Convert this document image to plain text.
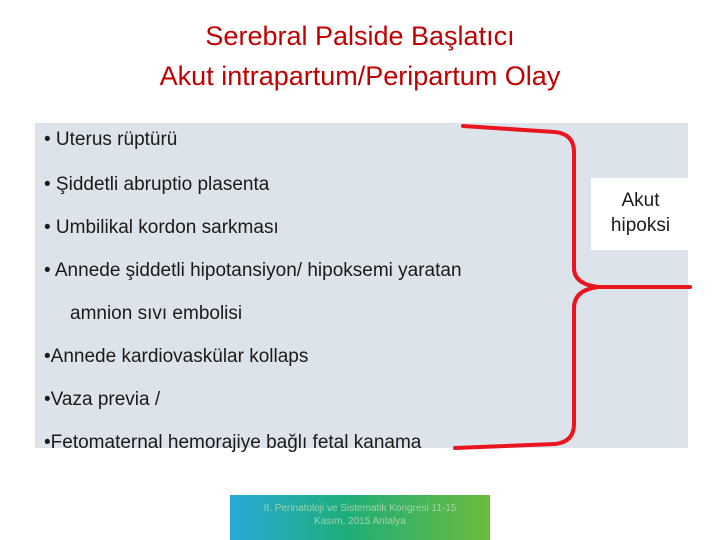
Serebral Palside Başlatıcı
Akut intrapartum/Peripartum Olay
• Uterus rüptürü
• Şiddetli abruptio plasenta
• Umbilikal kordon sarkması
• Annede şiddetli hipotansiyon/ hipoksemi yaratan
amnion sıvı embolisi
•Annede kardiovaskülar kollaps
•Vaza previa /
•Fetomaternal hemorajiye bağlı fetal kanama
Akut
hipoksi
II. Perinatoloji ve Sistematik Kongresi 11-15
Kasım, 2015 Antalya
